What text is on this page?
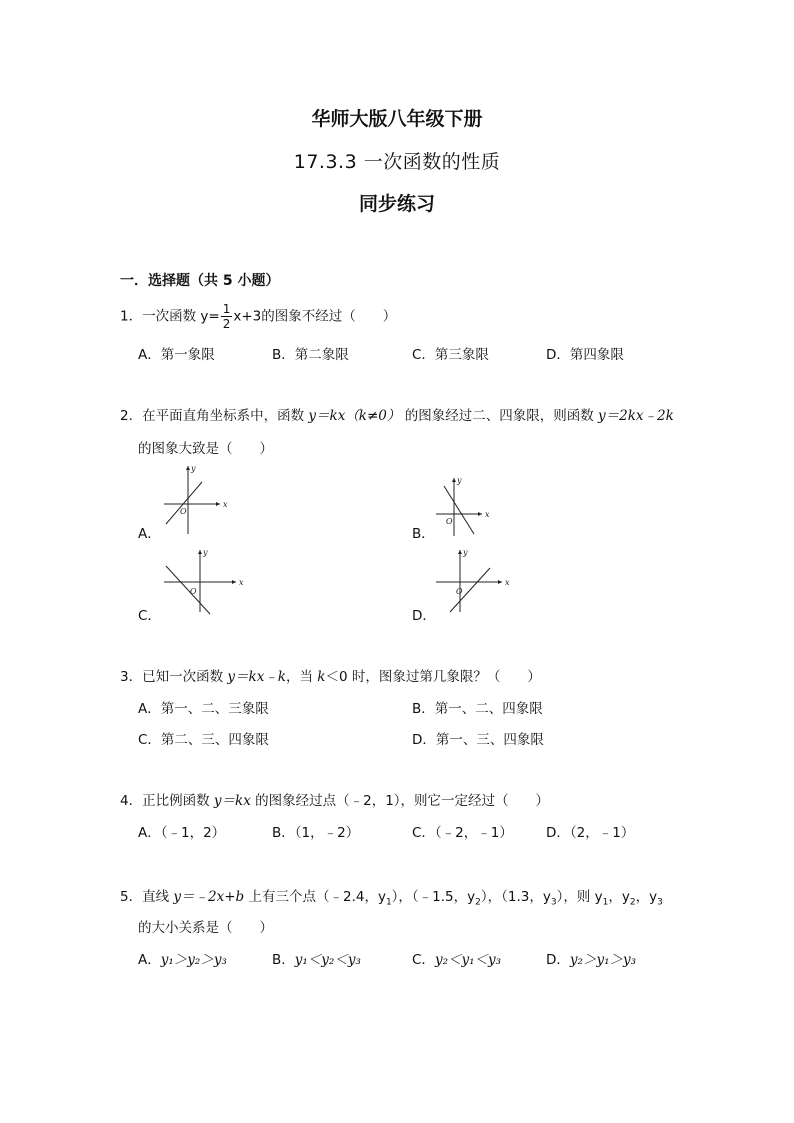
华师大版八年级下册
17.3.3 一次函数的性质
同步练习
一．选择题（共 5 小题）
1．一次函数 $y= \frac{1}{2} x+3$的图象不经过（　　）
A．第一象限	B．第二象限	C．第三象限	D．第四象限
2．在平面直角坐标系中，函数 y＝kx（k≠0） 的图象经过二、四象限，则函数 y＝2kx﹣2k
的图象大致是（　　）
A．
x
y
O
B．
x
y
O
C．
x
y
O
D．
x
y
O
3．已知一次函数 y＝kx﹣k，当 k＜0 时，图象过第几象限？（　　）
A．第一、二、三象限	B．第一、二、四象限
C．第二、三、四象限	D．第一、三、四象限
4．正比例函数 y＝kx 的图象经过点（﹣2，1），则它一定经过（　　）
A．（﹣1，2）	B．（1，﹣2）	C．（﹣2，﹣1） D．（2，﹣1）
5．直线 y＝﹣2x+b 上有三个点（﹣2.4，$y_1$），（﹣1.5，$y_2$），（1.3，$y_3$），则 $y_1$，$y_2$，$y_3$
的大小关系是（　　）
A．y₁＞y₂＞y₃	B．y₁＜y₂＜y₃	C．y₂＜y₁＜y₃	D．y₂＞y₁＞y₃
